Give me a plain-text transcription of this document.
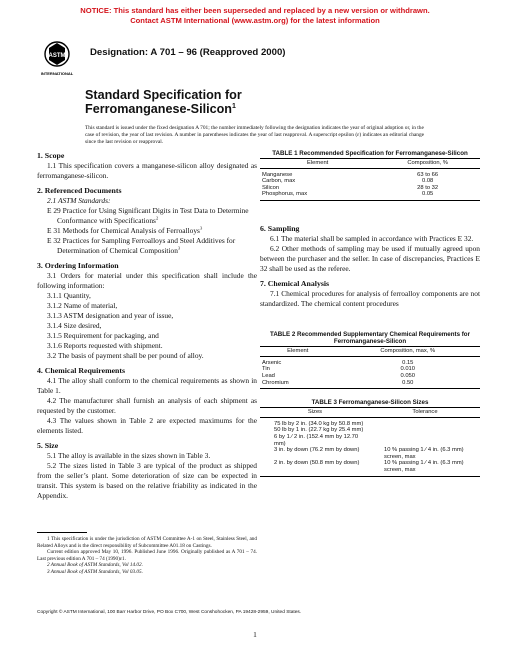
NOTICE: This standard has either been superseded and replaced by a new version or withdrawn.
Contact ASTM International (www.astm.org) for the latest information
ASTM
INTERNATIONAL
Designation: A 701 – 96 (Reapproved 2000)
Standard Specification for
Ferromanganese-Silicon$^1$
This standard is issued under the fixed designation A 701; the number immediately following the designation indicates the year of original adoption or, in the case of revision, the year of last revision. A number in parentheses indicates the year of last reapproval. A superscript epsilon (ε) indicates an editorial change since the last revision or reapproval.
1. Scope

1.1 This specification covers a manganese-silicon alloy designated as ferromanganese-silicon.

2. Referenced Documents

2.1 ASTM Standards:

E 29 Practice for Using Significant Digits in Test Data to Determine Conformance with Specifications$^2$

E 31 Methods for Chemical Analysis of Ferroalloys$^3$

E 32 Practices for Sampling Ferroalloys and Steel Additives for Determination of Chemical Composition$^3$

3. Ordering Information

3.1 Orders for material under this specification shall include the following information:

3.1.1 Quantity,

3.1.2 Name of material,

3.1.3 ASTM designation and year of issue,

3.1.4 Size desired,

3.1.5 Requirement for packaging, and

3.1.6 Reports requested with shipment.

3.2 The basis of payment shall be per pound of alloy.

4. Chemical Requirements

4.1 The alloy shall conform to the chemical requirements as shown in Table 1.

4.2 The manufacturer shall furnish an analysis of each shipment as requested by the customer.

4.3 The values shown in Table 2 are expected maximums for the elements listed.

5. Size

5.1 The alloy is available in the sizes shown in Table 3.

5.2 The sizes listed in Table 3 are typical of the product as shipped from the seller’s plant. Some deterioration of size can be expected in transit. This system is based on the relative friability as indicated in the Appendix.

1 This specification is under the jurisdiction of ASTM Committee A-1 on Steel, Stainless Steel, and Related Alloys and is the direct responsibility of Subcommittee A01.18 on Castings.

Current edition approved May 10, 1996. Published June 1996. Originally published as A 701 – 74. Last previous edition A 701 – 74 (1990)ε1.

2 Annual Book of ASTM Standards, Vol 14.02.

3 Annual Book of ASTM Standards, Vol 03.05.

TABLE 1 Recommended Specification for Ferromanganese-Silicon
Element	Composition, %
Manganese	63 to 66
Carbon, max	0.08
Silicon	28 to 32
Phosphorus, max	0.05
6. Sampling

6.1 The material shall be sampled in accordance with Practices E 32.

6.2 Other methods of sampling may be used if mutually agreed upon between the purchaser and the seller. In case of discrepancies, Practices E 32 shall be used as the referee.

7. Chemical Analysis

7.1 Chemical procedures for analysis of ferroalloy components are not standardized. The chemical content procedures

TABLE 2 Recommended Supplementary Chemical Requirements for Ferromanganese-Silicon
Element	Composition, max, %
Arsenic	0.15
Tin	0.010
Lead	0.050
Chromium	0.50
TABLE 3 Ferromanganese-Silicon Sizes
Sizes	Tolerance
75 lb by 2 in. (34.0 kg by 50.8 mm)	
50 lb by 1 in. (22.7 kg by 25.4 mm)	
6 by 1 ⁄ 2 in. (152.4 mm by 12.70 mm)	
3 in. by down (76.2 mm by down)	10 % passing 1 ⁄ 4 in. (6.3 mm) screen, max
2 in. by down (50.8 mm by down)	10 % passing 1 ⁄ 4 in. (6.3 mm) screen, max
Copyright © ASTM International, 100 Barr Harbor Drive, PO Box C700, West Conshohocken, PA 19428-2959, United States.
1
